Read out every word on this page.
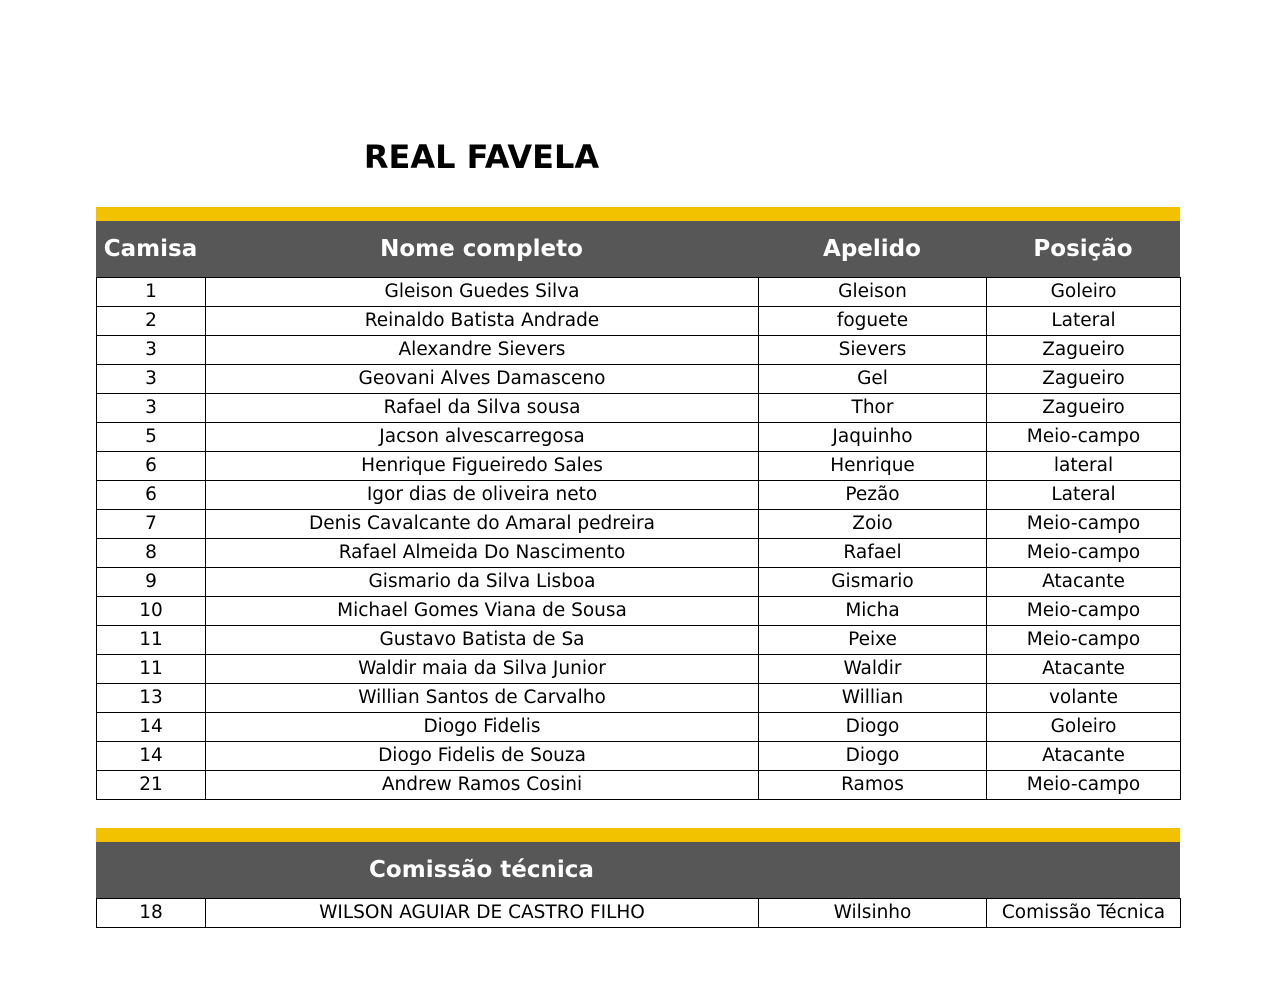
REAL FAVELA
Camisa	Nome completo	Apelido	Posição
1	Gleison Guedes Silva	Gleison	Goleiro
2	Reinaldo Batista Andrade	foguete	Lateral
3	Alexandre Sievers	Sievers	Zagueiro
3	Geovani Alves Damasceno	Gel	Zagueiro
3	Rafael da Silva sousa	Thor	Zagueiro
5	Jacson alvescarregosa	Jaquinho	Meio-campo
6	Henrique Figueiredo Sales	Henrique	lateral
6	Igor dias de oliveira neto	Pezão	Lateral
7	Denis Cavalcante do Amaral pedreira	Zoio	Meio-campo
8	Rafael Almeida Do Nascimento	Rafael	Meio-campo
9	Gismario da Silva Lisboa	Gismario	Atacante
10	Michael Gomes Viana de Sousa	Micha	Meio-campo
11	Gustavo Batista de Sa	Peixe	Meio-campo
11	Waldir maia da Silva Junior	Waldir	Atacante
13	Willian Santos de Carvalho	Willian	volante
14	Diogo Fidelis	Diogo	Goleiro
14	Diogo Fidelis de Souza	Diogo	Atacante
21	Andrew Ramos Cosini	Ramos	Meio-campo
Comissão técnica
18	WILSON AGUIAR DE CASTRO FILHO	Wilsinho	Comissão Técnica
